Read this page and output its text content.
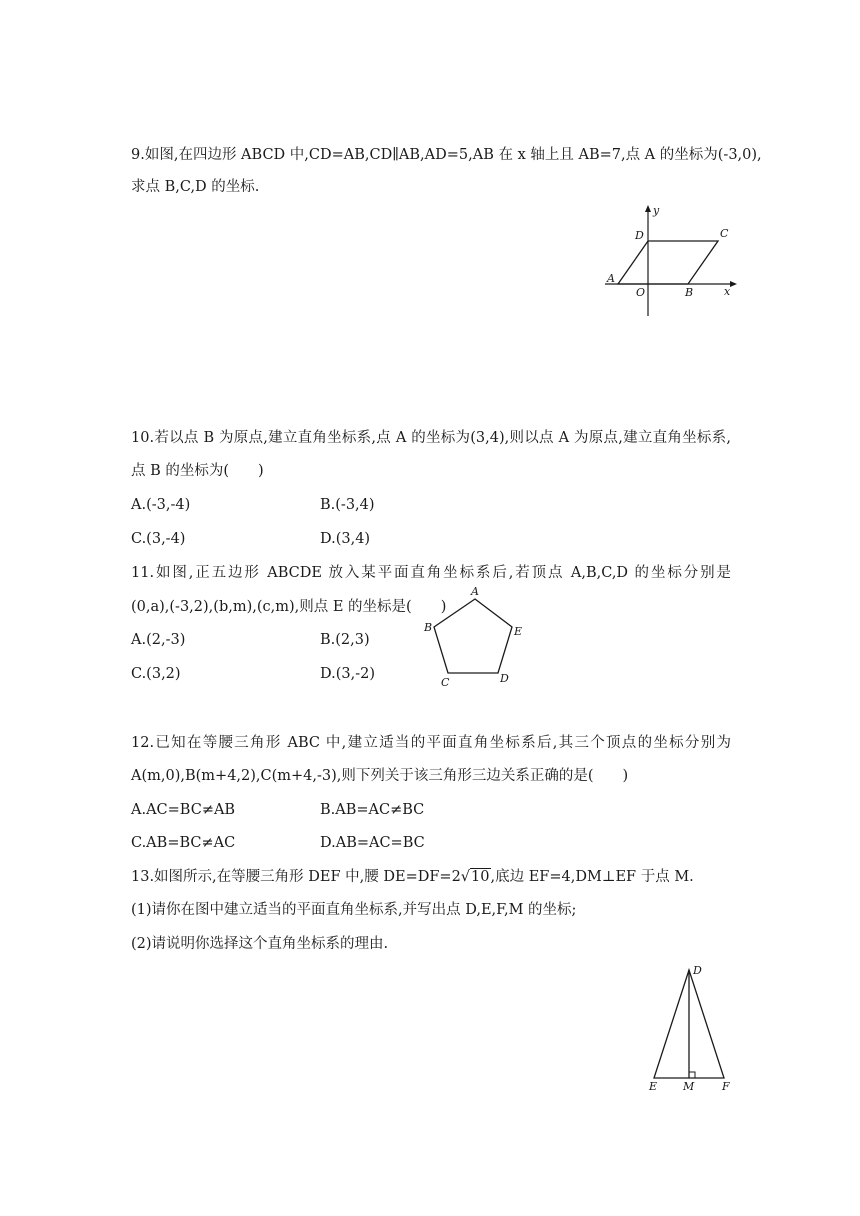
9.如图,在四边形 ABCD 中,CD=AB,CD∥AB,AD=5,AB 在 x 轴上且 AB=7,点 A 的坐标为(-3,0),
求点 B,C,D 的坐标.
y
D	C
A
O	B	x
10.若以点 B 为原点,建立直角坐标系,点 A 的坐标为(3,4),则以点 A 为原点,建立直角坐标系,
点 B 的坐标为(　　)
A.(-3,-4)	B.(-3,4)
C.(3,-4)	D.(3,4)
11.如图,正五边形 ABCDE 放入某平面直角坐标系后,若顶点 A,B,C,D 的坐标分别是
(0,a),(-3,2),(b,m),(c,m),则点 E 的坐标是(　　)
A.(2,-3)	B.(2,3)
C.(3,2)	D.(3,-2)
A
B	E
C	D
12.已知在等腰三角形 ABC 中,建立适当的平面直角坐标系后,其三个顶点的坐标分别为
A(m,0),B(m+4,2),C(m+4,-3),则下列关于该三角形三边关系正确的是(　　)
A.AC=BC≠AB	B.AB=AC≠BC
C.AB=BC≠AC	D.AB=AC=BC
13.如图所示,在等腰三角形 DEF 中,腰 DE=DF=2√10,底边 EF=4,DM⊥EF 于点 M.
(1)请你在图中建立适当的平面直角坐标系,并写出点 D,E,F,M 的坐标;
(2)请说明你选择这个直角坐标系的理由.
D
E M	F
